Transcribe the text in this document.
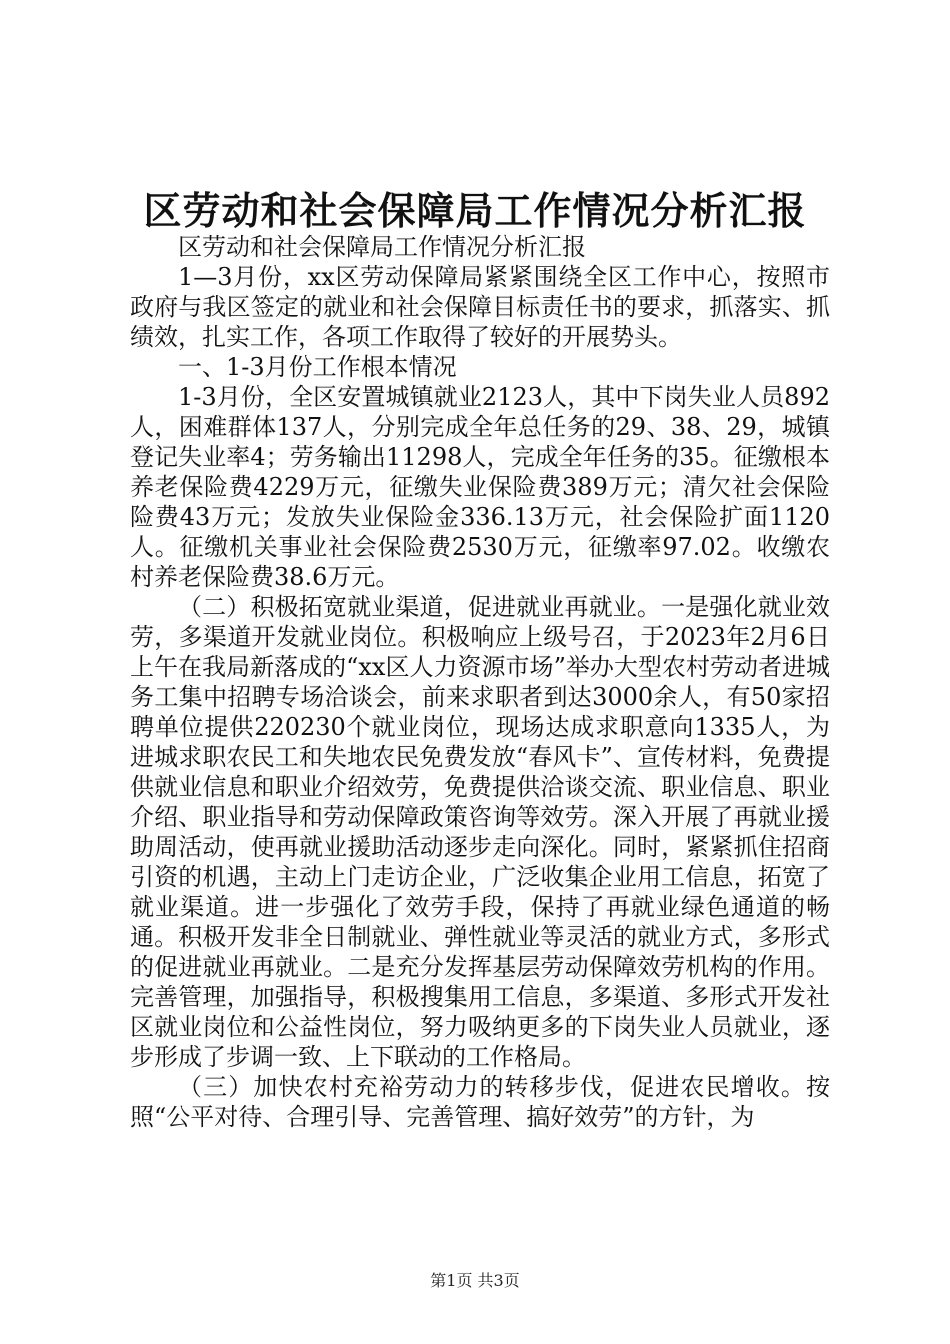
区劳动和社会保障局工作情况分析汇报

区劳动和社会保障局工作情况分析汇报

1—3月份，xx区劳动保障局紧紧围绕全区工作中心，按照市政府与我区签定的就业和社会保障目标责任书的要求，抓落实、抓绩效，扎实工作，各项工作取得了较好的开展势头。

一、1-3月份工作根本情况

1-3月份，全区安置城镇就业2123人，其中下岗失业人员892人，困难群体137人，分别完成全年总任务的29、38、29，城镇登记失业率4；劳务输出11298人，完成全年任务的35。征缴根本养老保险费4229万元，征缴失业保险费389万元；清欠社会保险险费43万元；发放失业保险金336.13万元，社会保险扩面1120人。征缴机关事业社会保险费2530万元，征缴率97.02。收缴农村养老保险费38.6万元。

（二）积极拓宽就业渠道，促进就业再就业。一是强化就业效劳，多渠道开发就业岗位。积极响应上级号召，于2023年2月6日上午在我局新落成的“xx区人力资源市场”举办大型农村劳动者进城务工集中招聘专场洽谈会，前来求职者到达3000余人，有50家招聘单位提供220230个就业岗位，现场达成求职意向1335人，为进城求职农民工和失地农民免费发放“春风卡”、宣传材料，免费提供就业信息和职业介绍效劳，免费提供洽谈交流、职业信息、职业介绍、职业指导和劳动保障政策咨询等效劳。深入开展了再就业援助周活动，使再就业援助活动逐步走向深化。同时，紧紧抓住招商引资的机遇，主动上门走访企业，广泛收集企业用工信息，拓宽了就业渠道。进一步强化了效劳手段，保持了再就业绿色通道的畅通。积极开发非全日制就业、弹性就业等灵活的就业方式，多形式的促进就业再就业。二是充分发挥基层劳动保障效劳机构的作用。完善管理，加强指导，积极搜集用工信息，多渠道、多形式开发社区就业岗位和公益性岗位，努力吸纳更多的下岗失业人员就业，逐步形成了步调一致、上下联动的工作格局。

（三）加快农村充裕劳动力的转移步伐，促进农民增收。按照“公平对待、合理引导、完善管理、搞好效劳”的方针，为

第1页 共3页
